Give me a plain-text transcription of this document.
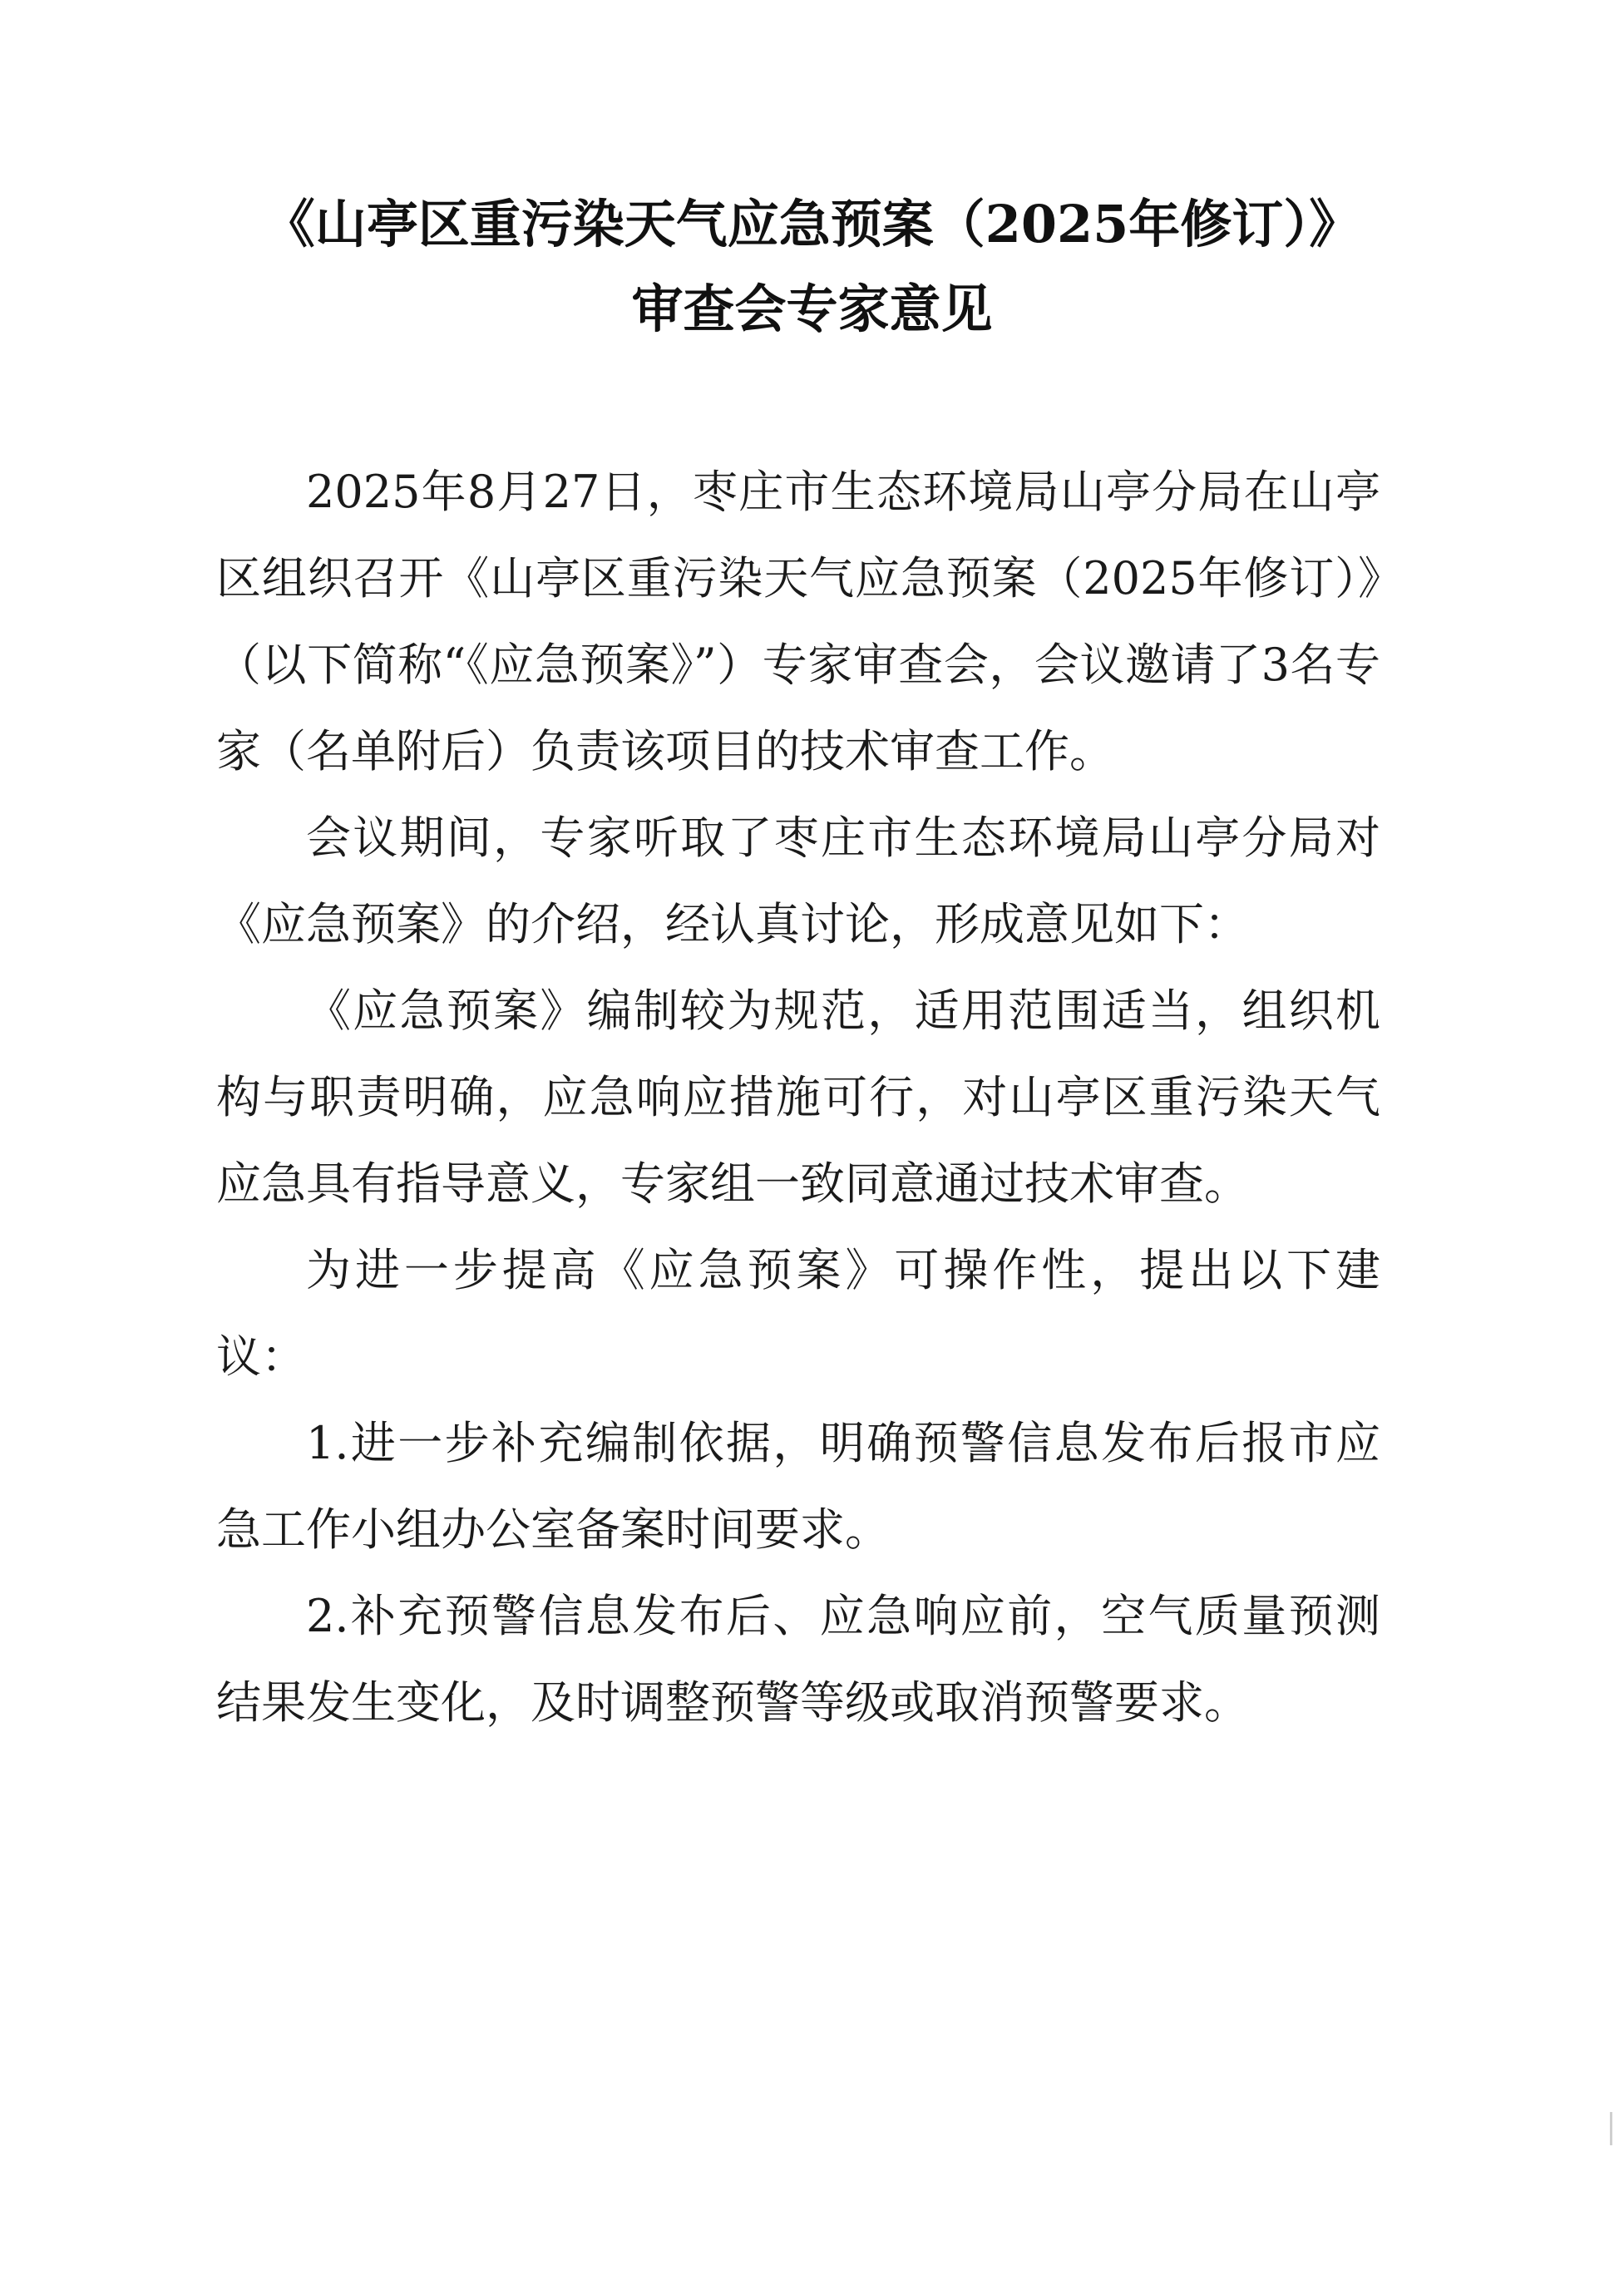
《山亭区重污染天气应急预案（2025年修订）》
审查会专家意见

2025年8月27日，枣庄市生态环境局山亭分局在山亭区组织召开《山亭区重污染天气应急预案（2025年修订）》（以下简称“《应急预案》”）专家审查会，会议邀请了3名专家（名单附后）负责该项目的技术审查工作。

会议期间，专家听取了枣庄市生态环境局山亭分局对《应急预案》的介绍，经认真讨论，形成意见如下：

《应急预案》编制较为规范，适用范围适当，组织机构与职责明确，应急响应措施可行，对山亭区重污染天气应急具有指导意义，专家组一致同意通过技术审查。

为进一步提高《应急预案》可操作性，提出以下建议：

1.进一步补充编制依据，明确预警信息发布后报市应急工作小组办公室备案时间要求。

2.补充预警信息发布后、应急响应前，空气质量预测结果发生变化，及时调整预警等级或取消预警要求。
